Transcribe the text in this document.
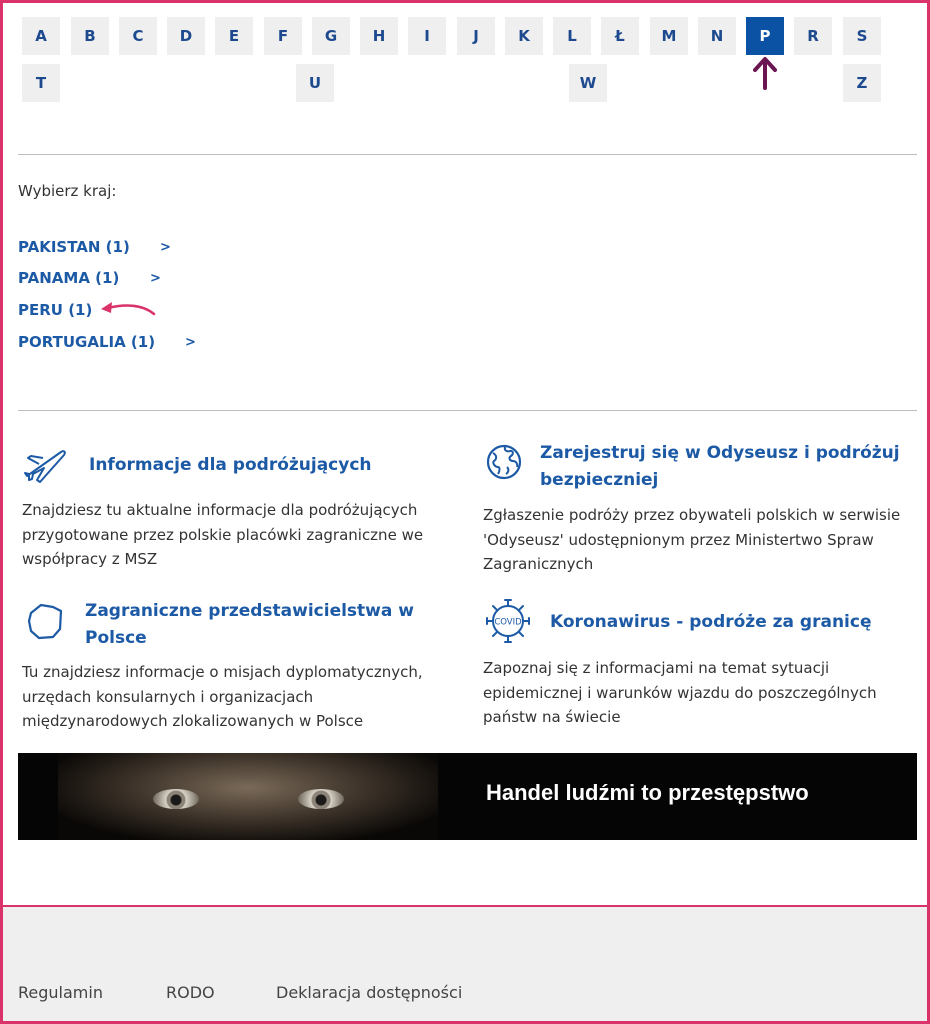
A	B	C	D	E	F	G	H	I	J	K	L	Ł	M	N	P	R	S
T	U	W	Z
Wybierz kraj:
PAKISTAN (1) >
PANAMA (1) >
PERU (1)
PORTUGALIA (1) >
Informacje dla podróżujących
Znajdziesz tu aktualne informacje dla podróżujących przygotowane przez polskie placówki zagraniczne we współpracy z MSZ
Zarejestruj się w Odyseusz i podróżuj bezpieczniej
Zgłaszenie podróży przez obywateli polskich w serwisie 'Odyseusz' udostępnionym przez Ministertwo Spraw Zagranicznych
Zagraniczne przedstawicielstwa w Polsce
Tu znajdziesz informacje o misjach dyplomatycznych, urzędach konsularnych i organizacjach międzynarodowych zlokalizowanych w Polsce
COVID Koronawirus - podróże za granicę
Zapoznaj się z informacjami na temat sytuacji epidemicznej i warunków wjazdu do poszczególnych państw na świecie
Handel ludźmi to przestępstwo
Regulamin	RODO	Deklaracja dostępności
